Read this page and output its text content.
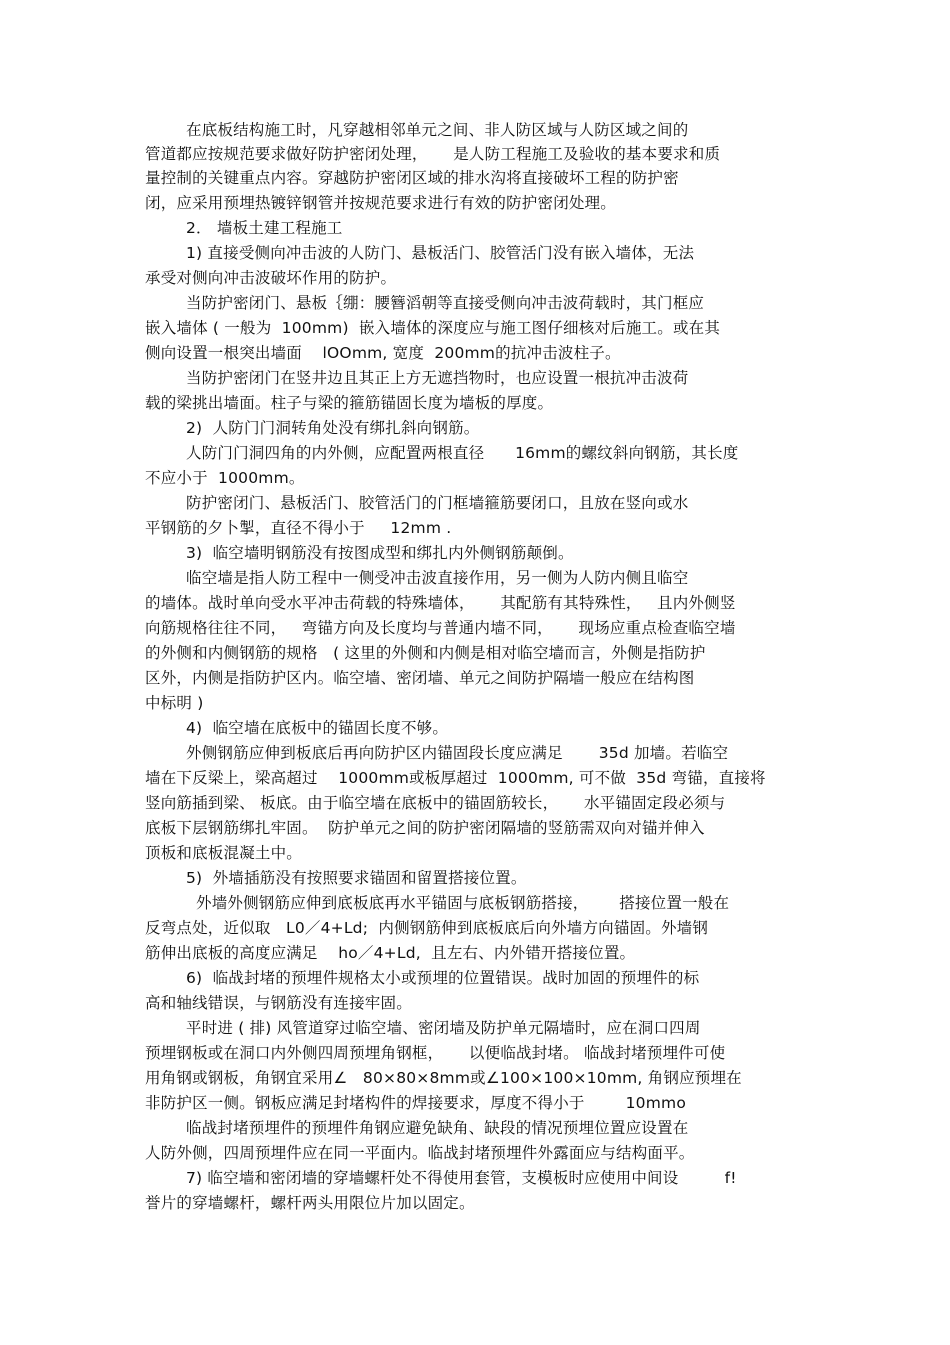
在底板结构施工时，凡穿越相邻单元之间、非人防区域与人防区域之间的
管道都应按规范要求做好防护密闭处理，     是人防工程施工及验收的基本要求和质
量控制的关键重点内容。穿越防护密闭区域的排水沟将直接破坏工程的防护密
闭，应采用预埋热镀锌钢管并按规范要求进行有效的防护密闭处理。
2． 墙板土建工程施工
1) 直接受侧向冲击波的人防门、悬板活门、胶管活门没有嵌入墙体，无法
承受对侧向冲击波破坏作用的防护。
当防护密闭门、悬板｛绷：腰簪滔朝等直接受侧向冲击波荷载时，其门框应
嵌入墙体 ( 一般为  100mm)  嵌入墙体的深度应与施工图仔细核对后施工。或在其
侧向设置一根突出墙面    lOOmm, 宽度  200mm的抗冲击波柱子。
当防护密闭门在竖井边且其正上方无遮挡物时，也应设置一根抗冲击波荷
载的梁挑出墙面。柱子与梁的箍筋锚固长度为墙板的厚度。
2)  人防门门洞转角处没有绑扎斜向钢筋。
人防门门洞四角的内外侧，应配置两根直径      16mm的螺纹斜向钢筋，其长度
不应小于  1000mm。
防护密闭门、悬板活门、胶管活门的门框墙箍筋要闭口，且放在竖向或水
平钢筋的夕卜掣，直径不得小于     12mm .
3)  临空墙明钢筋没有按图成型和绑扎内外侧钢筋颠倒。
临空墙是指人防工程中一侧受冲击波直接作用，另一侧为人防内侧且临空
的墙体。战时单向受水平冲击荷载的特殊墙体，     其配筋有其特殊性，   且内外侧竖
向筋规格往往不同，   弯锚方向及长度均与普通内墙不同，     现场应重点检查临空墙
的外侧和内侧钢筋的规格   ( 这里的外侧和内侧是相对临空墙而言，外侧是指防护
区外，内侧是指防护区内。临空墙、密闭墙、单元之间防护隔墙一般应在结构图
中标明 )
4)  临空墙在底板中的锚固长度不够。
外侧钢筋应伸到板底后再向防护区内锚固段长度应满足       35d 加墙。若临空
墙在下反梁上，梁高超过    1000mm或板厚超过  1000mm, 可不做  35d 弯锚，直接将
竖向筋插到梁、 板底。由于临空墙在底板中的锚固筋较长，     水平锚固定段必须与
底板下层钢筋绑扎牢固。  防护单元之间的防护密闭隔墙的竖筋需双向对锚并伸入
顶板和底板混凝土中。
5)  外墙插筋没有按照要求锚固和留置搭接位置。
外墙外侧钢筋应伸到底板底再水平锚固与底板钢筋搭接，      搭接位置一般在
反弯点处，近似取   L0／4+Ld;  内侧钢筋伸到底板底后向外墙方向锚固。外墙钢
筋伸出底板的高度应满足    ho／4+Ld,  且左右、内外错开搭接位置。
6)  临战封堵的预埋件规格太小或预埋的位置错误。战时加固的预埋件的标
高和轴线错误，与钢筋没有连接牢固。
平时进 ( 排) 风管道穿过临空墙、密闭墙及防护单元隔墙时，应在洞口四周
预埋钢板或在洞口内外侧四周预埋角钢框，     以便临战封堵。 临战封堵预埋件可使
用角钢或钢板，角钢宜采用∠   80×80×8mm或∠100×100×10mm, 角钢应预埋在
非防护区一侧。钢板应满足封堵构件的焊接要求，厚度不得小于        10mmo
临战封堵预埋件的预埋件角钢应避免缺角、缺段的情况预埋位置应设置在
人防外侧，四周预埋件应在同一平面内。临战封堵预埋件外露面应与结构面平。
7) 临空墙和密闭墙的穿墙螺杆处不得使用套管，支模板时应使用中间设         f!
誉片的穿墙螺杆，螺杆两头用限位片加以固定。
